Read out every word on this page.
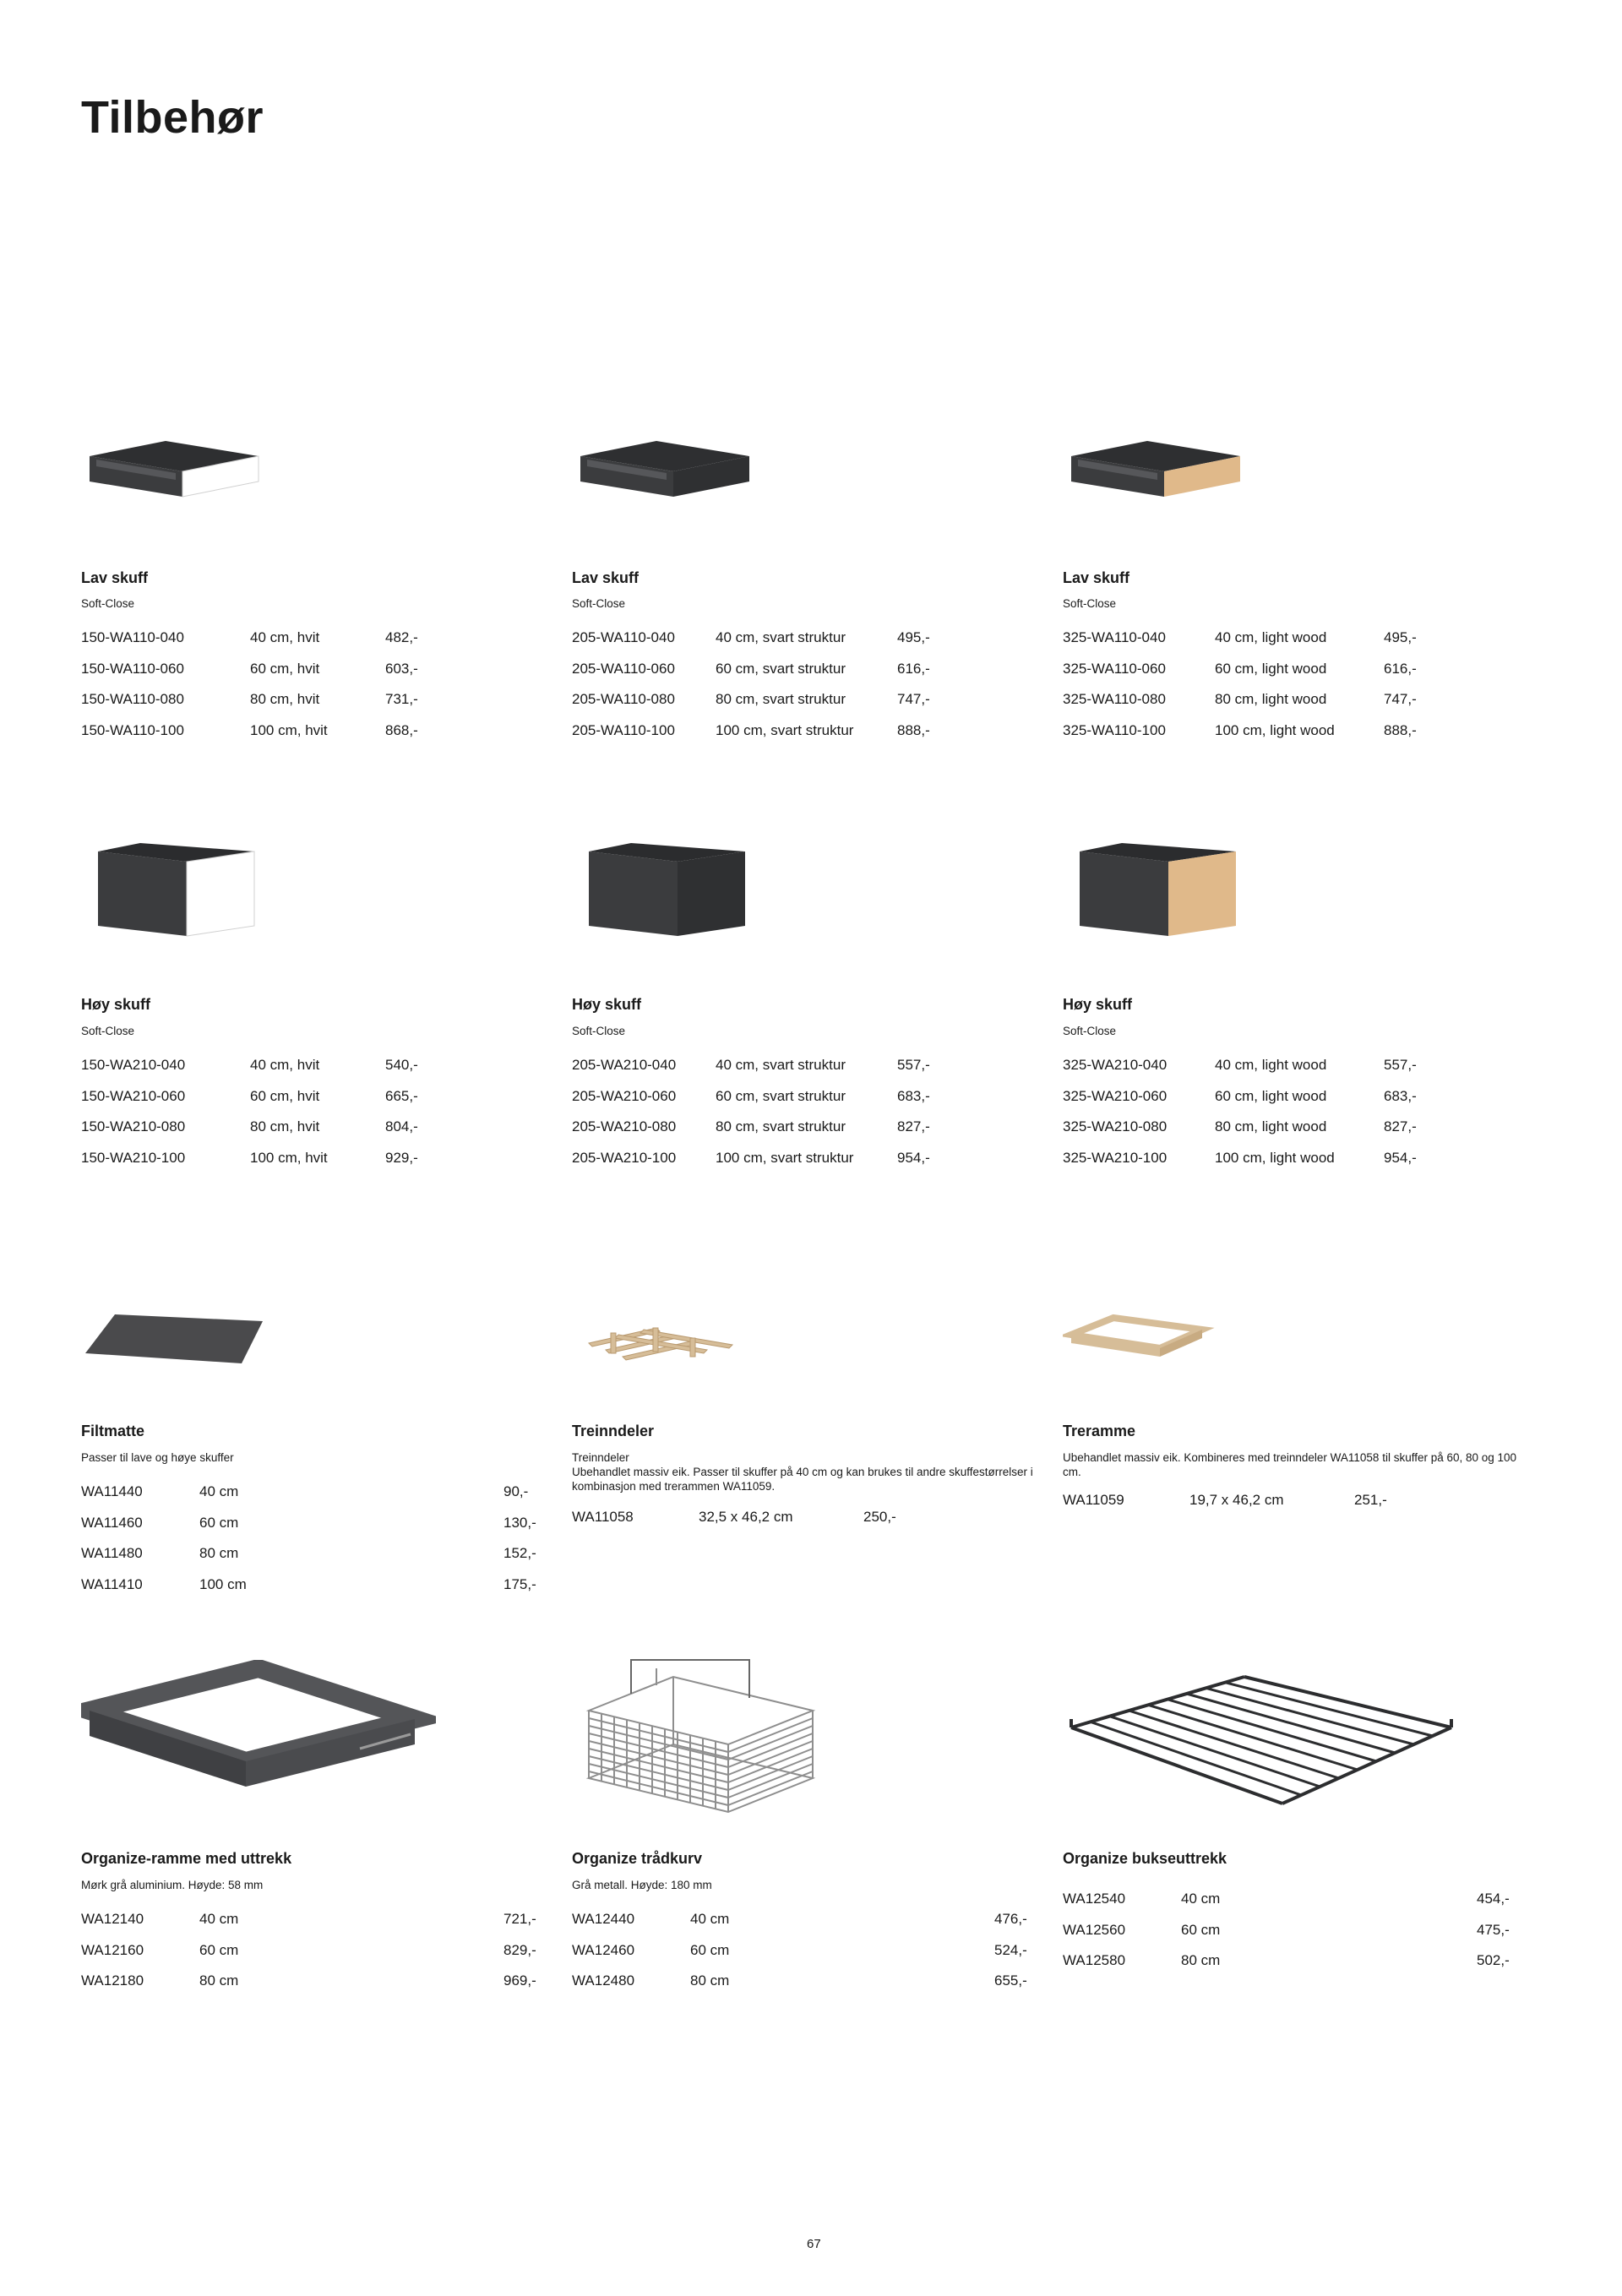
Tilbehør
Lav skuff
Soft-Close
150-WA110-040	40 cm, hvit	482,-
150-WA110-060	60 cm, hvit	603,-
150-WA110-080	80 cm, hvit	731,-
150-WA110-100	100 cm, hvit	868,-
Lav skuff
Soft-Close
205-WA110-040	40 cm, svart struktur	495,-
205-WA110-060	60 cm, svart struktur	616,-
205-WA110-080	80 cm, svart struktur	747,-
205-WA110-100	100 cm, svart struktur	888,-
Lav skuff
Soft-Close
325-WA110-040	40 cm, light wood	495,-
325-WA110-060	60 cm, light wood	616,-
325-WA110-080	80 cm, light wood	747,-
325-WA110-100	100 cm, light wood	888,-
Høy skuff
Soft-Close
150-WA210-040	40 cm, hvit	540,-
150-WA210-060	60 cm, hvit	665,-
150-WA210-080	80 cm, hvit	804,-
150-WA210-100	100 cm, hvit	929,-
Høy skuff
Soft-Close
205-WA210-040	40 cm, svart struktur	557,-
205-WA210-060	60 cm, svart struktur	683,-
205-WA210-080	80 cm, svart struktur	827,-
205-WA210-100	100 cm, svart struktur	954,-
Høy skuff
Soft-Close
325-WA210-040	40 cm, light wood	557,-
325-WA210-060	60 cm, light wood	683,-
325-WA210-080	80 cm, light wood	827,-
325-WA210-100	100 cm, light wood	954,-
Filtmatte
Passer til lave og høye skuffer
WA11440	40 cm	90,-
WA11460	60 cm	130,-
WA11480	80 cm	152,-
WA11410	100 cm	175,-
Treinndeler
Treinndeler
Ubehandlet massiv eik. Passer til skuffer på 40 cm og kan brukes til andre skuffestørrelser i kombinasjon med trerammen WA11059.
WA11058	32,5 x 46,2 cm	250,-
Treramme
Ubehandlet massiv eik. Kombineres med treinndeler WA11058 til skuffer på 60, 80 og 100 cm.
WA11059	19,7 x 46,2 cm	251,-
Organize-ramme med uttrekk
Mørk grå aluminium. Høyde: 58 mm
WA12140	40 cm	721,-
WA12160	60 cm	829,-
WA12180	80 cm	969,-
Organize trådkurv
Grå metall. Høyde: 180 mm
WA12440	40 cm	476,-
WA12460	60 cm	524,-
WA12480	80 cm	655,-
Organize bukseuttrekk
WA12540	40 cm	454,-
WA12560	60 cm	475,-
WA12580	80 cm	502,-
67
